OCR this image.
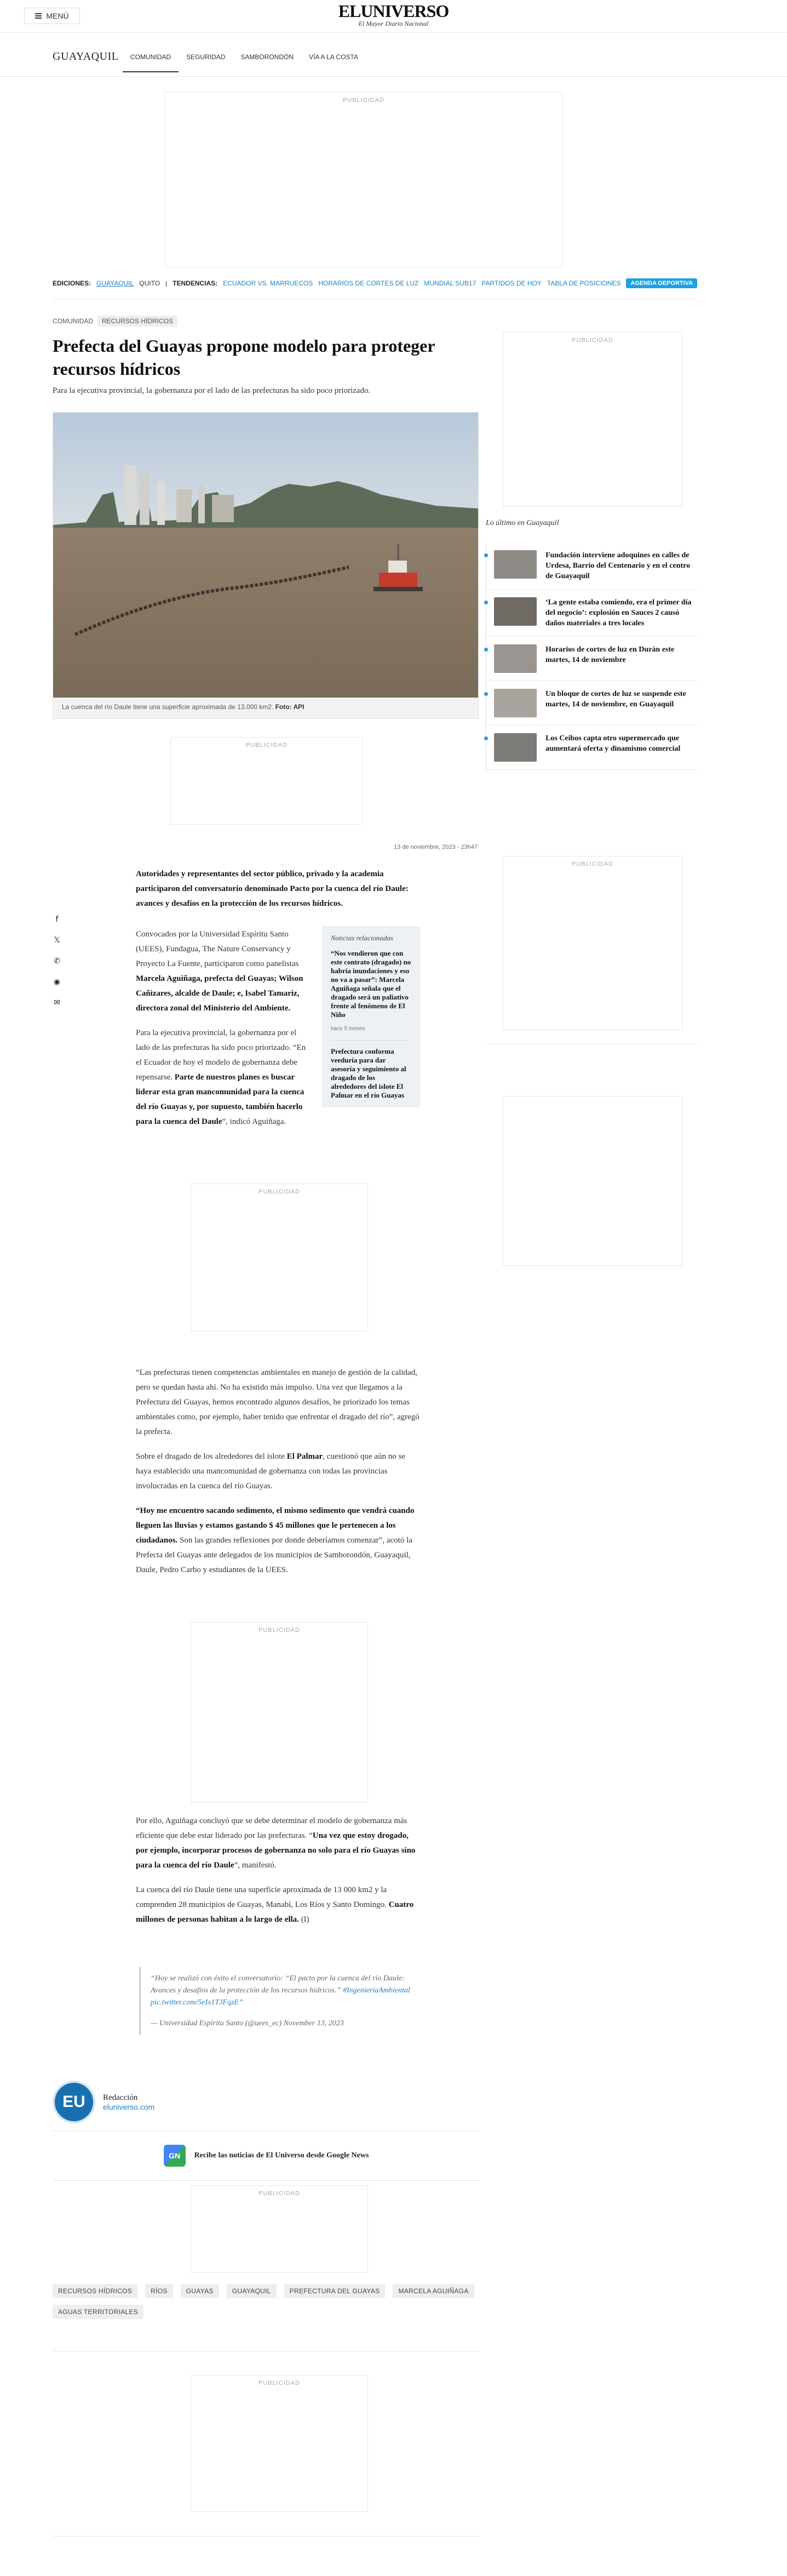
MENÚ	ELUNIVERSO
El Mayor Diario Nacional
GUAYAQUIL	COMUNIDAD	SEGURIDAD	SAMBORONDÓN	VÍA A LA COSTA
PUBLICIDAD
EDICIONES: GUAYAQUIL QUITO | TENDENCIAS: ECUADOR VS. MARRUECOS HORARIOS DE CORTES DE LUZ MUNDIAL SUB17 PARTIDOS DE HOY TABLA DE POSICIONES	AGENDA DEPORTIVA
COMUNIDAD	RECURSOS HÍDRICOS
Prefecta del Guayas propone modelo para proteger recursos hídricos
Para la ejecutiva provincial, la gobernanza por el lado de las prefecturas ha sido poco priorizado.
La cuenca del río Daule tiene una superficie aproximada de 13.000 km2. Foto: API
PUBLICIDAD
13 de noviembre, 2023 - 23h47
f
𝕏
✆
◉
✉

Autoridades y representantes del sector público, privado y la academia participaron del conversatorio denominado Pacto por la cuenca del río Daule: avances y desafíos en la protección de los recursos hídricos.

Convocados por la Universidad Espíritu Santo (UEES), Fundagua, The Nature Conservancy y Proyecto La Fuente, participaron como panelistas Marcela Aguiñaga, prefecta del Guayas; Wilson Cañizares, alcalde de Daule; e, Isabel Tamariz, directora zonal del Ministerio del Ambiente.

Para la ejecutiva provincial, la gobernanza por el lado de las prefecturas ha sido poco priorizado. “En el Ecuador de hoy el modelo de gobernanza debe repensarse. Parte de nuestros planes es buscar liderar esta gran mancomunidad para la cuenca del río Guayas y, por supuesto, también hacerlo para la cuenca del Daule”, indicó Aguiñaga.

Noticias relacionadas
“Nos vendieron que con este contrato (dragado) no habría inundaciones y eso no va a pasar”: Marcela Aguiñaga señala que el dragado será un paliativo frente al fenómeno de El Niño
hace 5 meses
Prefectura conforma veeduría para dar asesoría y seguimiento al dragado de los alrededores del islote El Palmar en el río Guayas
PUBLICIDAD

“Las prefecturas tienen competencias ambientales en manejo de gestión de la calidad, pero se quedan hasta ahí. No ha existido más impulso. Una vez que llegamos a la Prefectura del Guayas, hemos encontrado algunos desafíos, he priorizado los temas ambientales como, por ejemplo, haber tenido que enfrentar el dragado del río”, agregó la prefecta.

Sobre el dragado de los alrededores del islote El Palmar, cuestionó que aún no se haya establecido una mancomunidad de gobernanza con todas las provincias involucradas en la cuenca del río Guayas.

“Hoy me encuentro sacando sedimento, el mismo sedimento que vendrá cuando lleguen las lluvias y estamos gastando $ 45 millones que le pertenecen a los ciudadanos. Son las grandes reflexiones por donde deberíamos comenzar”, acotó la Prefecta del Guayas ante delegados de los municipios de Samborondón, Guayaquil, Daule, Pedro Carbo y estudiantes de la UEES.

PUBLICIDAD

Por ello, Aguiñaga concluyó que se debe determinar el modelo de gobernanza más eficiente que debe estar liderado por las prefecturas. “Una vez que estoy drogado, por ejemplo, incorporar procesos de gobernanza no solo para el río Guayas sino para la cuenca del río Daule”, manifestó.

La cuenca del río Daule tiene una superficie aproximada de 13 000 km2 y la comprenden 28 municipios de Guayas, Manabí, Los Ríos y Santo Domingo. Cuatro millones de personas habitan a lo largo de ella. (I)

“Hoy se realizó con éxito el conversatorio: “El pacto por la cuenca del río Daule: Avances y desafíos de la protección de los recursos hídricos.” #IngenieríaAmbiental pic.twitter.com/5eIx1TJFqzE”
— Universidad Espíritu Santo (@uees_ec) November 13, 2023
EU	Redacción
eluniverso.com
GN	Recibe las noticias de El Universo desde Google News
PUBLICIDAD
RECURSOS HÍDRICOS	RÍOS	GUAYAS	GUAYAQUIL	PREFECTURA DEL GUAYAS	MARCELA AGUIÑAGA
AGUAS TERRITORIALES
PUBLICIDAD
PUBLICIDAD
Lo último en Guayaquil
Fundación interviene adoquines en calles de Urdesa, Barrio del Centenario y en el centro de Guayaquil
‘La gente estaba comiendo, era el primer día del negocio’: explosión en Sauces 2 causó daños materiales a tres locales
Horarios de cortes de luz en Durán este martes, 14 de noviembre
Un bloque de cortes de luz se suspende este martes, 14 de noviembre, en Guayaquil
Los Ceibos capta otro supermercado que aumentará oferta y dinamismo comercial
PUBLICIDAD
